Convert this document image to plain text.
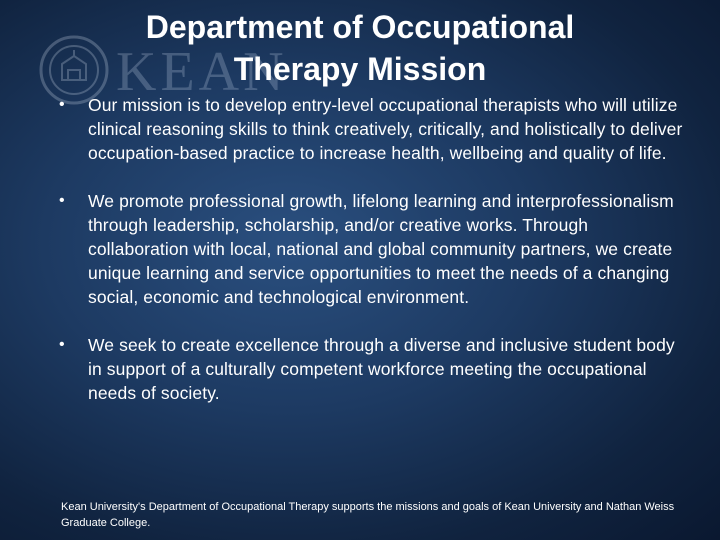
KEAN
Department of Occupational Therapy Mission
• Our mission is to develop entry-level occupational therapists who will utilize clinical reasoning skills to think creatively, critically, and holistically to deliver occupation-based practice to increase health, wellbeing and quality of life.
• We promote professional growth, lifelong learning and interprofessionalism through leadership, scholarship, and/or creative works. Through collaboration with local, national and global community partners, we create unique learning and service opportunities to meet the needs of a changing social, economic and technological environment.
• We seek to create excellence through a diverse and inclusive student body in support of a culturally competent workforce meeting the occupational needs of society.

Kean University's Department of Occupational Therapy supports the missions and goals of Kean University and Nathan Weiss Graduate College.
